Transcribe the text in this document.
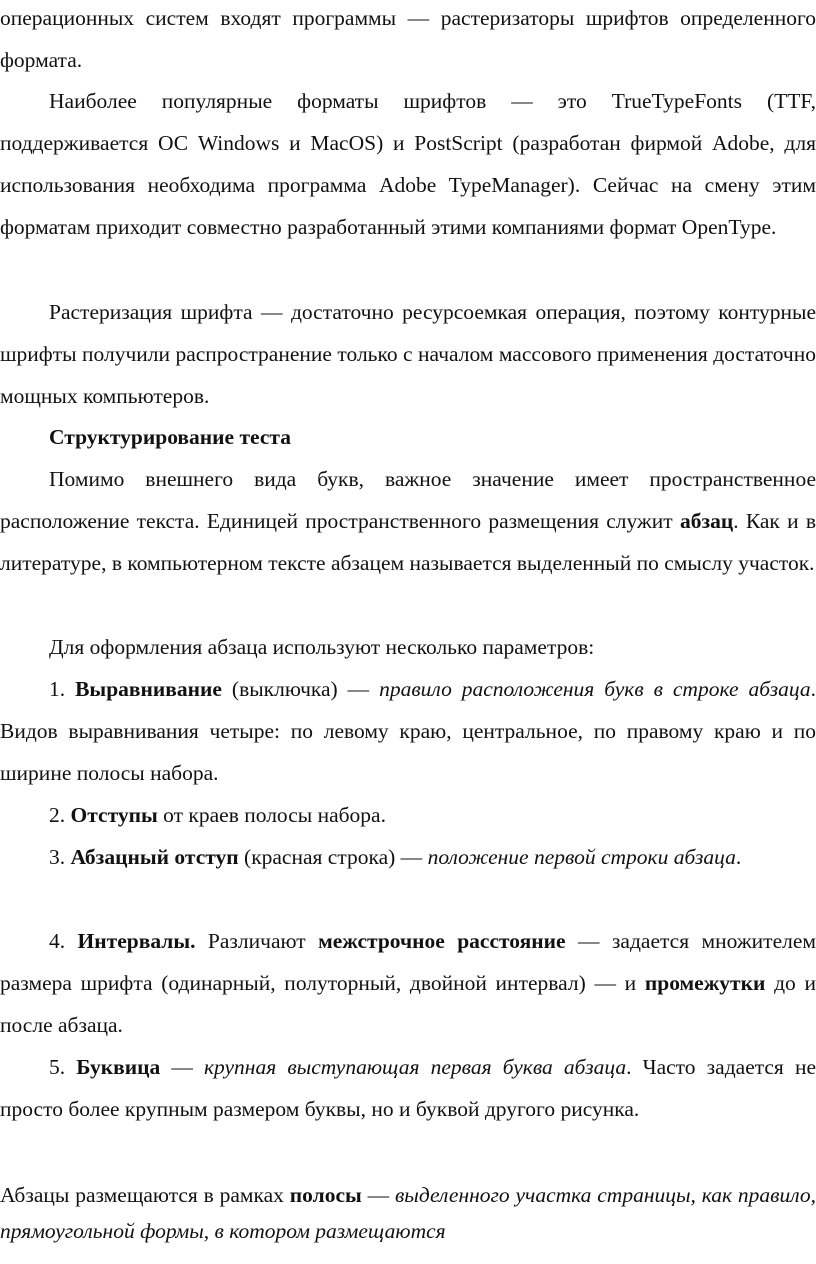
операционных систем входят программы — растеризаторы шрифтов определенного формата.

Наиболее популярные форматы шрифтов — это TrueTypeFonts (TTF, поддерживается ОС Windows и MacOS) и PostScript (разработан фирмой Adobe, для использования необходима программа Adobe TypeManager). Сейчас на смену этим форматам приходит совместно разработанный этими компаниями формат OpenType.

Растеризация шрифта — достаточно ресурсоемкая операция, поэтому контурные шрифты получили распространение только с началом массового применения достаточно мощных компьютеров.

Структурирование теста

Помимо внешнего вида букв, важное значение имеет пространственное расположение текста. Единицей пространственного размещения служит абзац. Как и в литературе, в компьютерном тексте абзацем называется выделенный по смыслу участок.

Для оформления абзаца используют несколько параметров:

1. Выравнивание (выключка) — правило расположения букв в строке абзаца. Видов выравнивания четыре: по левому краю, центральное, по правому краю и по ширине полосы набора.

2. Отступы от краев полосы набора.

3. Абзацный отступ (красная строка) — положение первой строки абзаца.

4. Интервалы. Различают межстрочное расстояние — задается множителем размера шрифта (одинарный, полуторный, двойной интервал) — и промежутки до и после абзаца.

5. Буквица — крупная выступающая первая буква абзаца. Часто задается не просто более крупным размером буквы, но и буквой другого рисунка.

Абзацы размещаются в рамках полосы — выделенного участка страницы, как правило, прямоугольной формы, в котором размещаются
